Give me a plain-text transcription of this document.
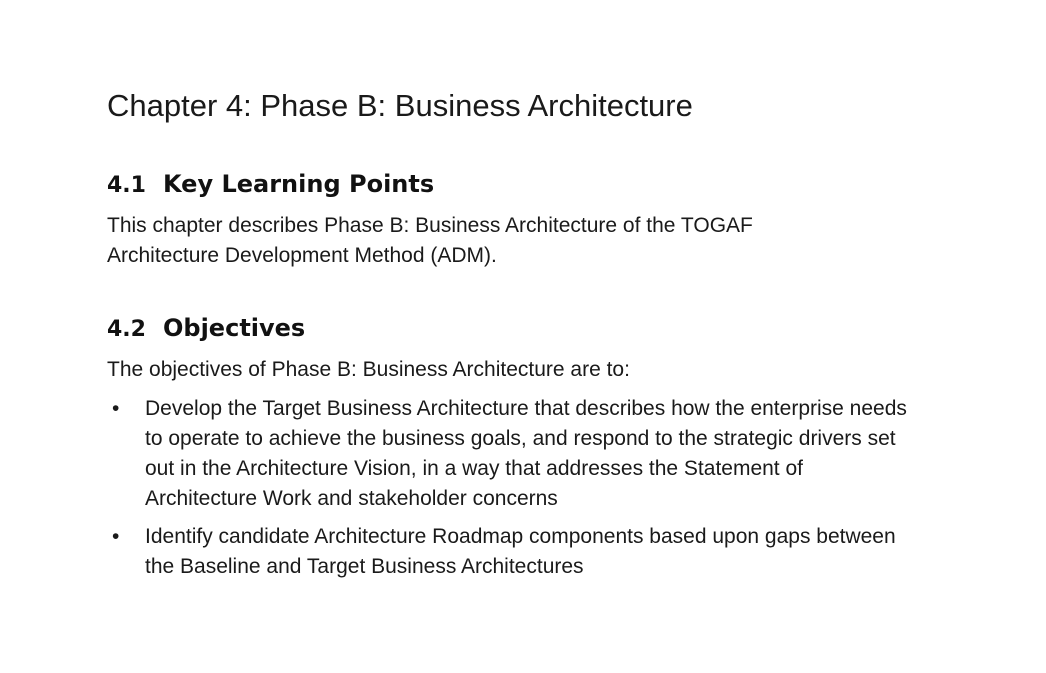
Chapter 4: Phase B: Business Architecture
4.1 Key Learning Points

This chapter describes Phase B: Business Architecture of the TOGAF Architecture Development Method (ADM).

4.2 Objectives

The objectives of Phase B: Business Architecture are to:

• Develop the Target Business Architecture that describes how the enterprise needs to operate to achieve the business goals, and respond to the strategic drivers set out in the Architecture Vision, in a way that addresses the Statement of Architecture Work and stakeholder concerns
• Identify candidate Architecture Roadmap components based upon gaps between the Baseline and Target Business Architectures
